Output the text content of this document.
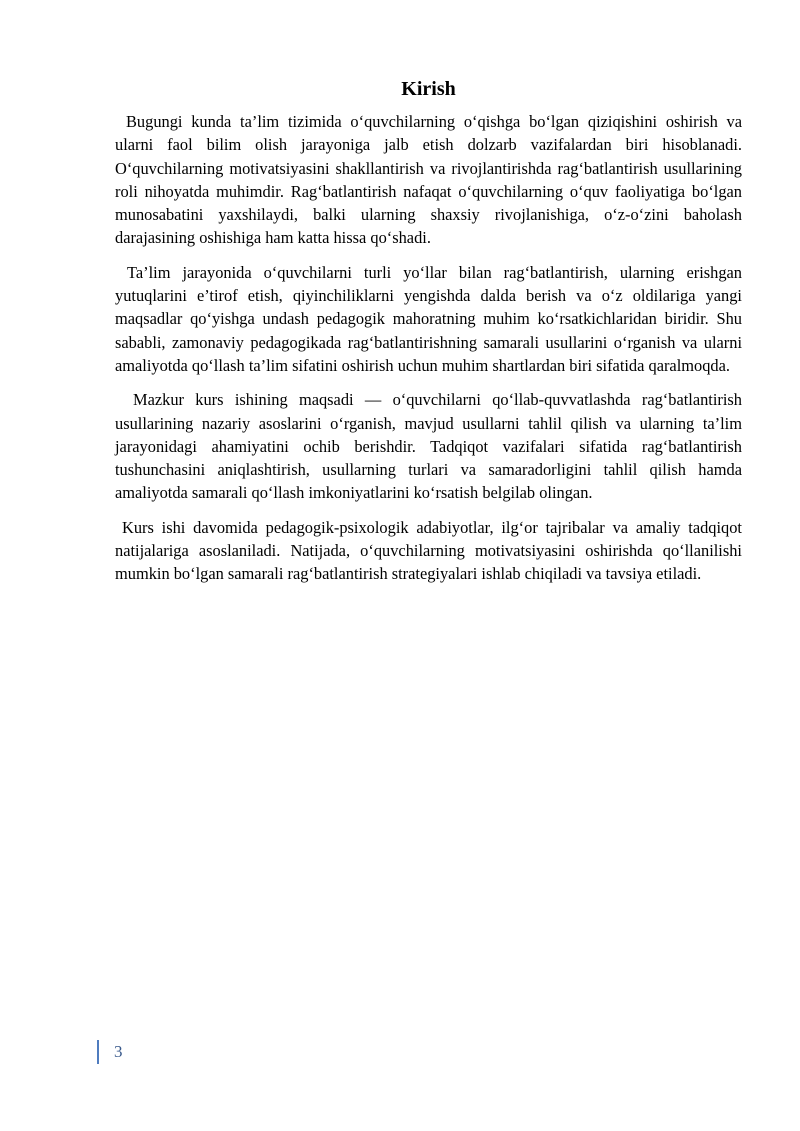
Kirish

Bugungi kunda ta’lim tizimida o‘quvchilarning o‘qishga bo‘lgan qiziqishini oshirish va ularni faol bilim olish jarayoniga jalb etish dolzarb vazifalardan biri hisoblanadi. O‘quvchilarning motivatsiyasini shakllantirish va rivojlantirishda rag‘batlantirish usullarining roli nihoyatda muhimdir. Rag‘batlantirish nafaqat o‘quvchilarning o‘quv faoliyatiga bo‘lgan munosabatini yaxshilaydi, balki ularning shaxsiy rivojlanishiga, o‘z-o‘zini baholash darajasining oshishiga ham katta hissa qo‘shadi.

Ta’lim jarayonida o‘quvchilarni turli yo‘llar bilan rag‘batlantirish, ularning erishgan yutuqlarini e’tirof etish, qiyinchiliklarni yengishda dalda berish va o‘z oldilariga yangi maqsadlar qo‘yishga undash pedagogik mahoratning muhim ko‘rsatkichlaridan biridir. Shu sababli, zamonaviy pedagogikada rag‘batlantirishning samarali usullarini o‘rganish va ularni amaliyotda qo‘llash ta’lim sifatini oshirish uchun muhim shartlardan biri sifatida qaralmoqda.

Mazkur kurs ishining maqsadi — o‘quvchilarni qo‘llab-quvvatlashda rag‘batlantirish usullarining nazariy asoslarini o‘rganish, mavjud usullarni tahlil qilish va ularning ta’lim jarayonidagi ahamiyatini ochib berishdir. Tadqiqot vazifalari sifatida rag‘batlantirish tushunchasini aniqlashtirish, usullarning turlari va samaradorligini tahlil qilish hamda amaliyotda samarali qo‘llash imkoniyatlarini ko‘rsatish belgilab olingan.

Kurs ishi davomida pedagogik-psixologik adabiyotlar, ilg‘or tajribalar va amaliy tadqiqot natijalariga asoslaniladi. Natijada, o‘quvchilarning motivatsiyasini oshirishda qo‘llanilishi mumkin bo‘lgan samarali rag‘batlantirish strategiyalari ishlab chiqiladi va tavsiya etiladi.

3
